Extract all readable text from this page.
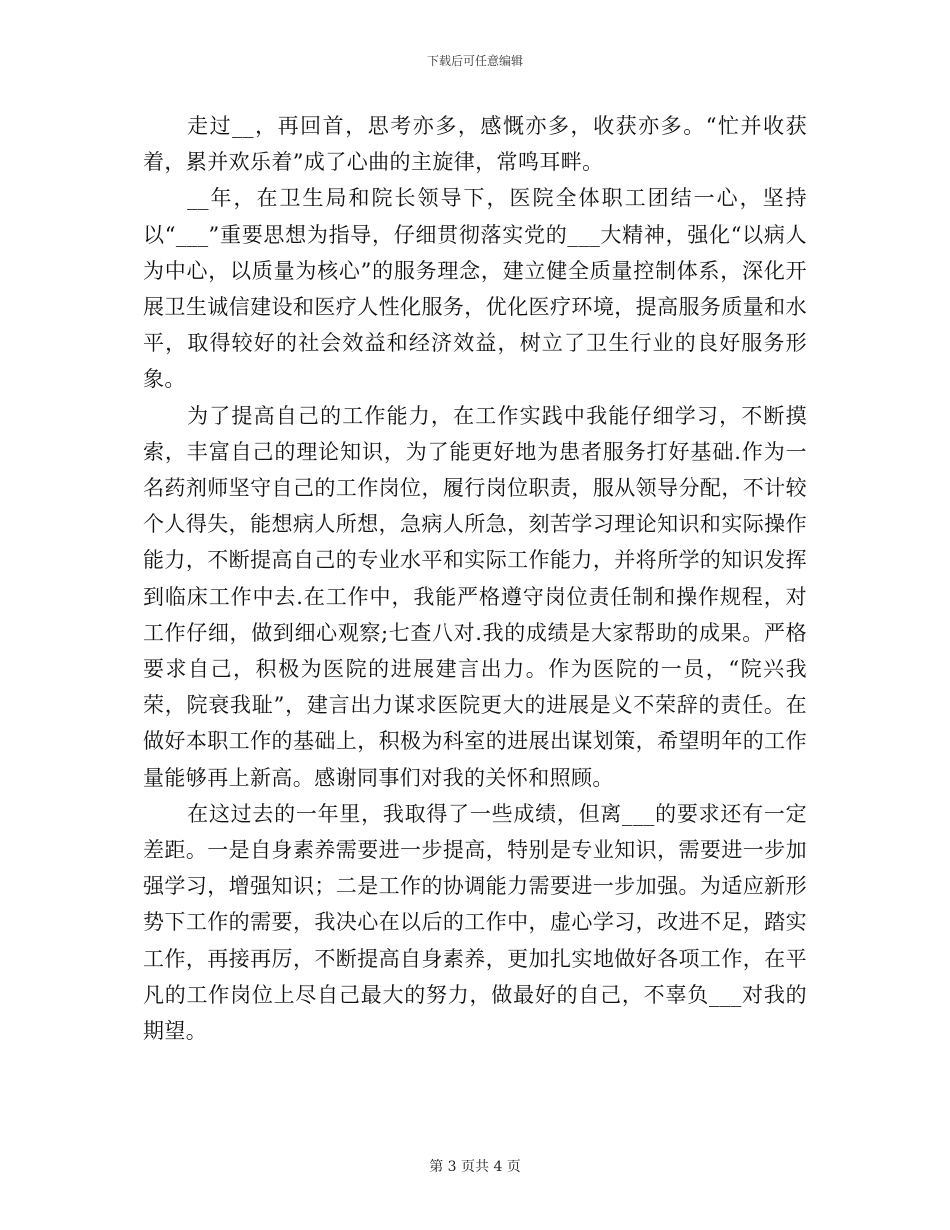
下载后可任意编辑

走过__，再回首，思考亦多，感慨亦多，收获亦多。“忙并收获着，累并欢乐着”成了心曲的主旋律，常鸣耳畔。

__年，在卫生局和院长领导下，医院全体职工团结一心，坚持以“___”重要思想为指导，仔细贯彻落实党的___大精神，强化“以病人为中心，以质量为核心”的服务理念，建立健全质量控制体系，深化开展卫生诚信建设和医疗人性化服务，优化医疗环境，提高服务质量和水平，取得较好的社会效益和经济效益，树立了卫生行业的良好服务形象。

为了提高自己的工作能力，在工作实践中我能仔细学习，不断摸索，丰富自己的理论知识，为了能更好地为患者服务打好基础.作为一名药剂师坚守自己的工作岗位，履行岗位职责，服从领导分配，不计较个人得失，能想病人所想，急病人所急，刻苦学习理论知识和实际操作能力，不断提高自己的专业水平和实际工作能力，并将所学的知识发挥到临床工作中去.在工作中，我能严格遵守岗位责任制和操作规程，对工作仔细，做到细心观察;七查八对.我的成绩是大家帮助的成果。严格要求自己，积极为医院的进展建言出力。作为医院的一员，“院兴我荣，院衰我耻”，建言出力谋求医院更大的进展是义不荣辞的责任。在做好本职工作的基础上，积极为科室的进展出谋划策，希望明年的工作量能够再上新高。感谢同事们对我的关怀和照顾。

在这过去的一年里，我取得了一些成绩，但离___的要求还有一定差距。一是自身素养需要进一步提高，特别是专业知识，需要进一步加强学习，增强知识；二是工作的协调能力需要进一步加强。为适应新形势下工作的需要，我决心在以后的工作中，虚心学习，改进不足，踏实工作，再接再厉，不断提高自身素养，更加扎实地做好各项工作，在平凡的工作岗位上尽自己最大的努力，做最好的自己，不辜负___对我的期望。

第 3 页共 4 页
